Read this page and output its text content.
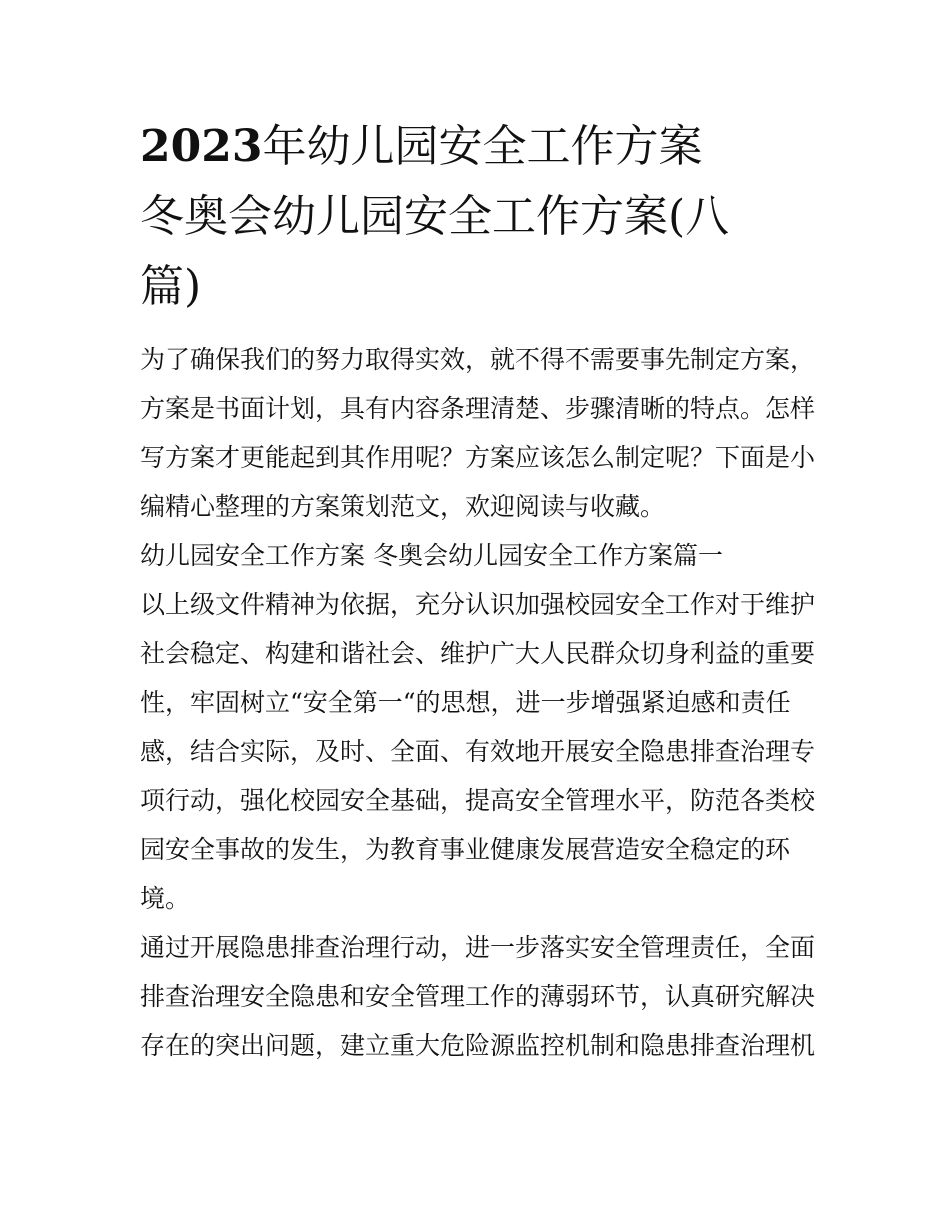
2023年幼儿园安全工作方案
冬奥会幼儿园安全工作方案(八
篇)

为了确保我们的努力取得实效，就不得不需要事先制定方案，
方案是书面计划，具有内容条理清楚、步骤清晰的特点。怎样
写方案才更能起到其作用呢？方案应该怎么制定呢？下面是小
编精心整理的方案策划范文，欢迎阅读与收藏。

幼儿园安全工作方案 冬奥会幼儿园安全工作方案篇一

以上级文件精神为依据，充分认识加强校园安全工作对于维护
社会稳定、构建和谐社会、维护广大人民群众切身利益的重要
性，牢固树立“安全第一“的思想，进一步增强紧迫感和责任
感，结合实际，及时、全面、有效地开展安全隐患排查治理专
项行动，强化校园安全基础，提高安全管理水平，防范各类校
园安全事故的发生，为教育事业健康发展营造安全稳定的环
境。

通过开展隐患排查治理行动，进一步落实安全管理责任，全面
排查治理安全隐患和安全管理工作的薄弱环节，认真研究解决
存在的突出问题，建立重大危险源监控机制和隐患排查治理机
